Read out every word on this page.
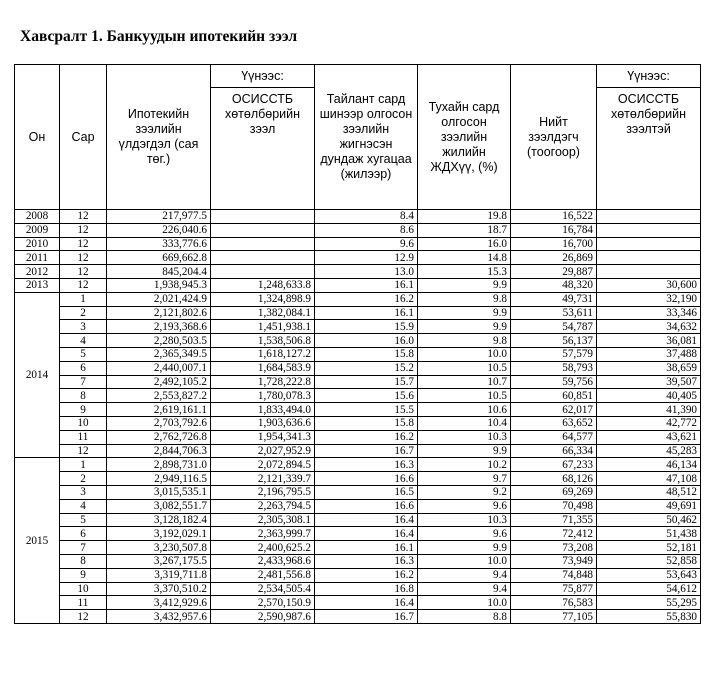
Хавсралт 1. Банкуудын ипотекийн зээл
Он	Сар	Ипотекийн зээлийн үлдэгдэл (сая төг.)	Үүнээс:	Тайлант сард шинээр олгосон зээлийн жигнэсэн дундаж хугацаа (жилээр)	Тухайн сард олгосон зээлийн жилийн ЖДХүү, (%)	Нийт зээлдэгч (тоогоор)	Үүнээс:
			ОСИССТБ хөтөлбөрийн зээл				ОСИССТБ хөтөлбөрийн зээлтэй
2008	12	217,977.5		8.4	19.8	16,522	
2009	12	226,040.6		8.6	18.7	16,784	
2010	12	333,776.6		9.6	16.0	16,700	
2011	12	669,662.8		12.9	14.8	26,869	
2012	12	845,204.4		13.0	15.3	29,887	
2013	12	1,938,945.3	1,248,633.8	16.1	9.9	48,320	30,600
2014	1	2,021,424.9	1,324,898.9	16.2	9.8	49,731	32,190
	2	2,121,802.6	1,382,084.1	16.1	9.9	53,611	33,346
	3	2,193,368.6	1,451,938.1	15.9	9.9	54,787	34,632
	4	2,280,503.5	1,538,506.8	16.0	9.8	56,137	36,081
	5	2,365,349.5	1,618,127.2	15.8	10.0	57,579	37,488
	6	2,440,007.1	1,684,583.9	15.2	10.5	58,793	38,659
	7	2,492,105.2	1,728,222.8	15.7	10.7	59,756	39,507
	8	2,553,827.2	1,780,078.3	15.6	10.5	60,851	40,405
	9	2,619,161.1	1,833,494.0	15.5	10.6	62,017	41,390
	10	2,703,792.6	1,903,636.6	15.8	10.4	63,652	42,772
	11	2,762,726.8	1,954,341.3	16.2	10.3	64,577	43,621
	12	2,844,706.3	2,027,952.9	16.7	9.9	66,334	45,283
2015	1	2,898,731.0	2,072,894.5	16.3	10.2	67,233	46,134
	2	2,949,116.5	2,121,339.7	16.6	9.7	68,126	47,108
	3	3,015,535.1	2,196,795.5	16.5	9.2	69,269	48,512
	4	3,082,551.7	2,263,794.5	16.6	9.6	70,498	49,691
	5	3,128,182.4	2,305,308.1	16.4	10.3	71,355	50,462
	6	3,192,029.1	2,363,999.7	16.4	9.6	72,412	51,438
	7	3,230,507.8	2,400,625.2	16.1	9.9	73,208	52,181
	8	3,267,175.5	2,433,968.6	16.3	10.0	73,949	52,858
	9	3,319,711.8	2,481,556.8	16.2	9.4	74,848	53,643
	10	3,370,510.2	2,534,505.4	16.8	9.4	75,877	54,612
	11	3,412,929.6	2,570,150.9	16.4	10.0	76,583	55,295
	12	3,432,957.6	2,590,987.6	16.7	8.8	77,105	55,830
